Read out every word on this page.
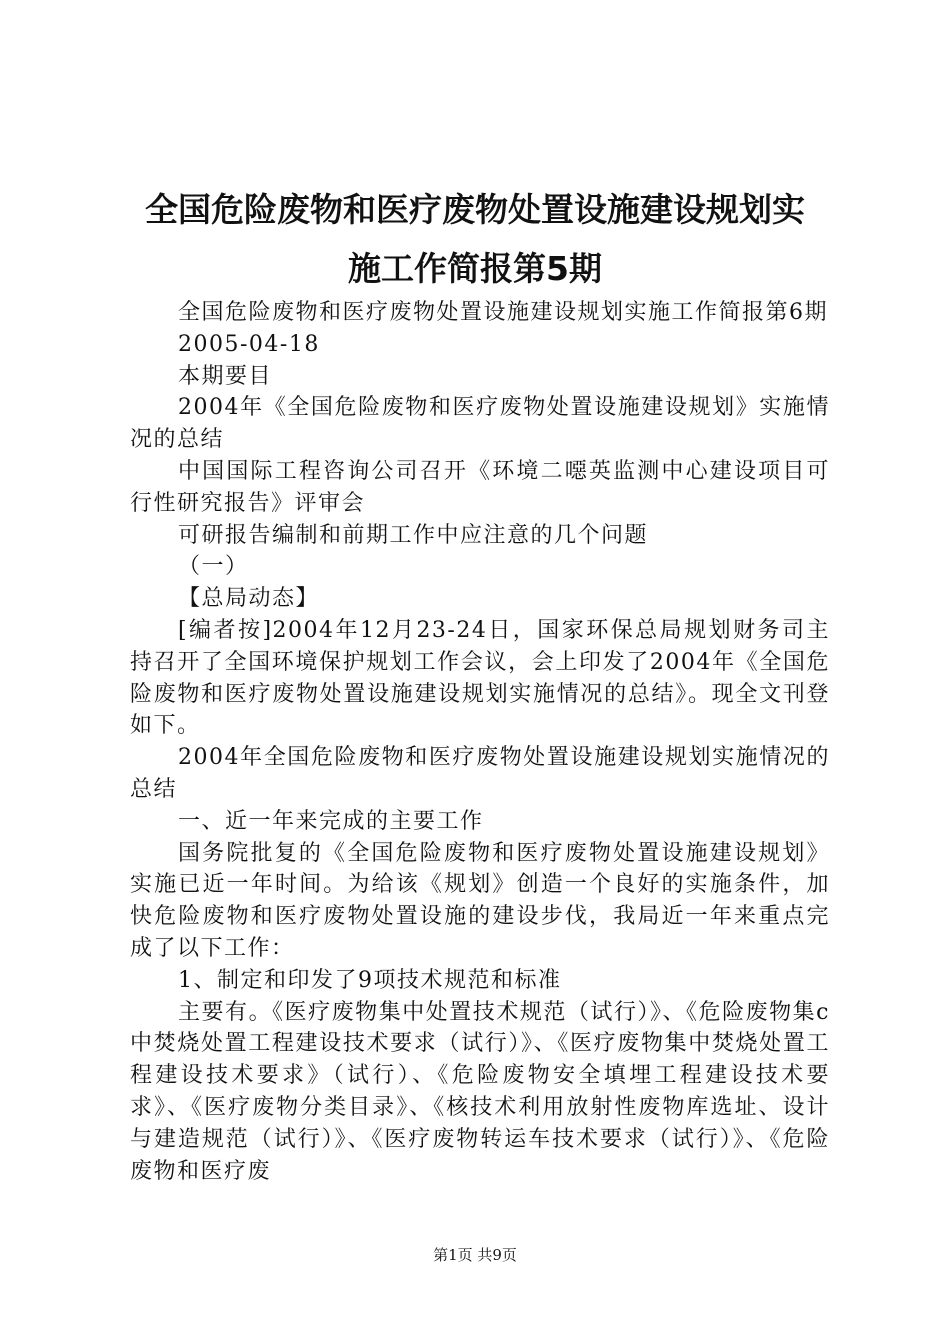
全国危险废物和医疗废物处置设施建设规划实
施工作简报第5期

全国危险废物和医疗废物处置设施建设规划实施工作简报第6期

2005-04-18

本期要目

2004年《全国危险废物和医疗废物处置设施建设规划》实施情况的总结

中国国际工程咨询公司召开《环境二噁英监测中心建设项目可行性研究报告》评审会

可研报告编制和前期工作中应注意的几个问题

（一）

【总局动态】

[编者按]2004年12月23-24日，国家环保总局规划财务司主持召开了全国环境保护规划工作会议，会上印发了2004年《全国危险废物和医疗废物处置设施建设规划实施情况的总结》。现全文刊登如下。

2004年全国危险废物和医疗废物处置设施建设规划实施情况的总结

一、近一年来完成的主要工作

国务院批复的《全国危险废物和医疗废物处置设施建设规划》实施已近一年时间。为给该《规划》创造一个良好的实施条件，加快危险废物和医疗废物处置设施的建设步伐，我局近一年来重点完成了以下工作：

1、制定和印发了9项技术规范和标准

主要有。《医疗废物集中处置技术规范（试行）》、《危险废物集c中焚烧处置工程建设技术要求（试行）》、《医疗废物集中焚烧处置工程建设技术要求》（试行）、《危险废物安全填埋工程建设技术要求》、《医疗废物分类目录》、《核技术利用放射性废物库选址、设计与建造规范（试行）》、《医疗废物转运车技术要求（试行）》、《危险废物和医疗废

第1页 共9页
